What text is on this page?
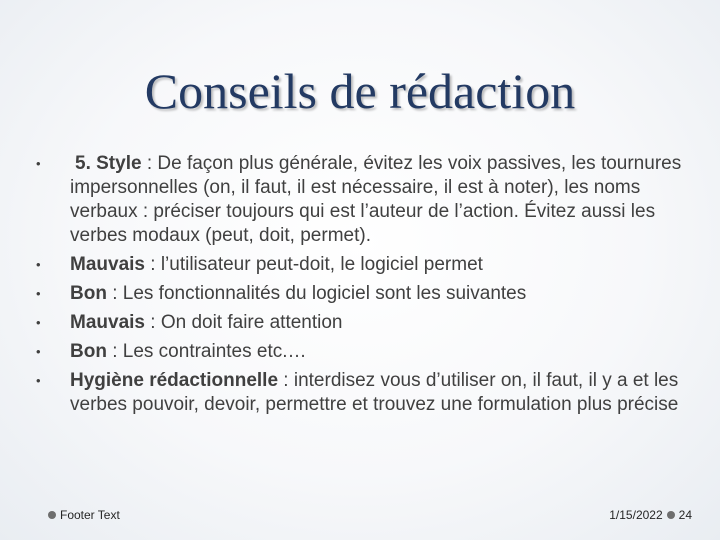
Conseils de rédaction
•	5. Style : De façon plus générale, évitez les voix passives, les tournures impersonnelles (on, il faut, il est nécessaire, il est à noter), les noms verbaux : préciser toujours qui est l’auteur de l’action. Évitez aussi les verbes modaux (peut, doit, permet).
•	Mauvais : l’utilisateur peut-doit, le logiciel permet
•	Bon : Les fonctionnalités du logiciel sont les suivantes
•	Mauvais : On doit faire attention
•	Bon : Les contraintes etc.…
•	Hygiène rédactionnelle : interdisez vous d’utiliser on, il faut, il y a et les verbes pouvoir, devoir, permettre et trouvez une formulation plus précise
Footer Text	1/15/2022 24
